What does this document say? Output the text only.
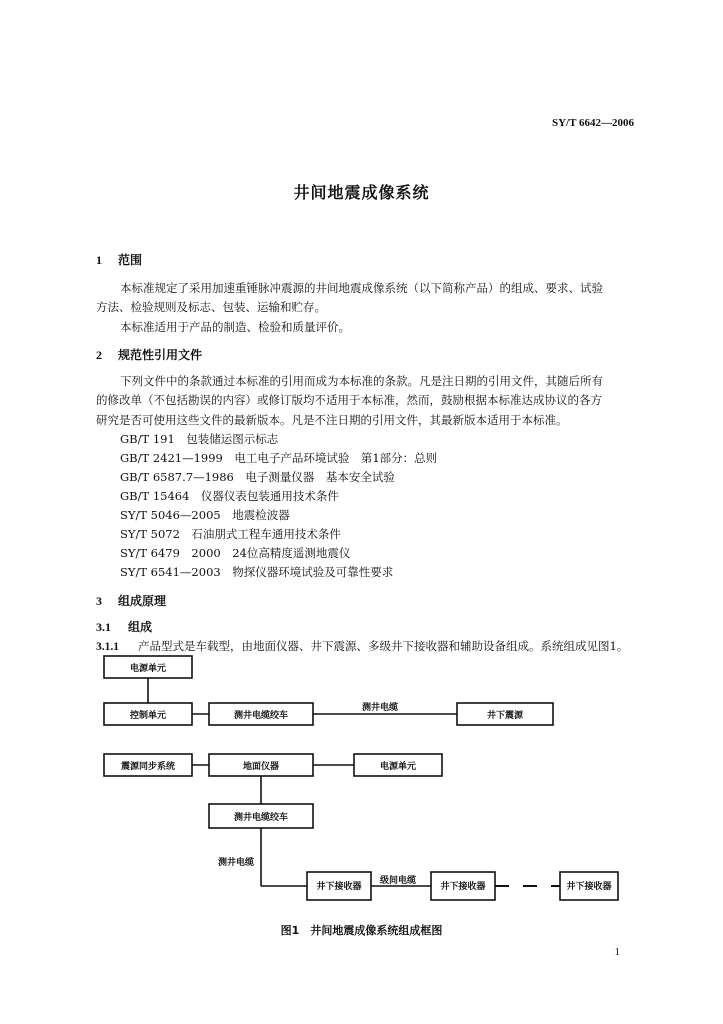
SY/T 6642—2006
井间地震成像系统
1 范围
本标准规定了采用加速重锤脉冲震源的井间地震成像系统（以下简称产品）的组成、要求、试验
方法、检验规则及标志、包装、运输和贮存。
本标准适用于产品的制造、检验和质量评价。
2 规范性引用文件
下列文件中的条款通过本标准的引用而成为本标准的条款。凡是注日期的引用文件，其随后所有
的修改单（不包括勘误的内容）或修订版均不适用于本标准，然而，鼓励根据本标准达成协议的各方
研究是否可使用这些文件的最新版本。凡是不注日期的引用文件，其最新版本适用于本标准。
GB/T 191　包装储运图示标志
GB/T 2421—1999　电工电子产品环境试验　第1部分：总则
GB/T 6587.7—1986　电子测量仪器　基本安全试验
GB/T 15464　仪器仪表包装通用技术条件
SY/T 5046—2005　地震检波器
SY/T 5072　石油朋式工程车通用技术条件
SY/T 6479　2000　24位高精度遥测地震仪
SY/T 6541—2003　物探仪器环境试验及可靠性要求
3 组成原理
3.1 组成
3.1.1 产品型式是车载型，由地面仪器、井下震源、多级井下接收器和辅助设备组成。系统组成见图1。
电源单元
控制单元	测井电缆绞车
测井电缆
井下震源
震源同步系统	地面仪器	电源单元
测井电缆绞车
测井电缆
井下接收器
级间电缆
井下接收器	井下接收器
图1　井间地震成像系统组成框图
1
